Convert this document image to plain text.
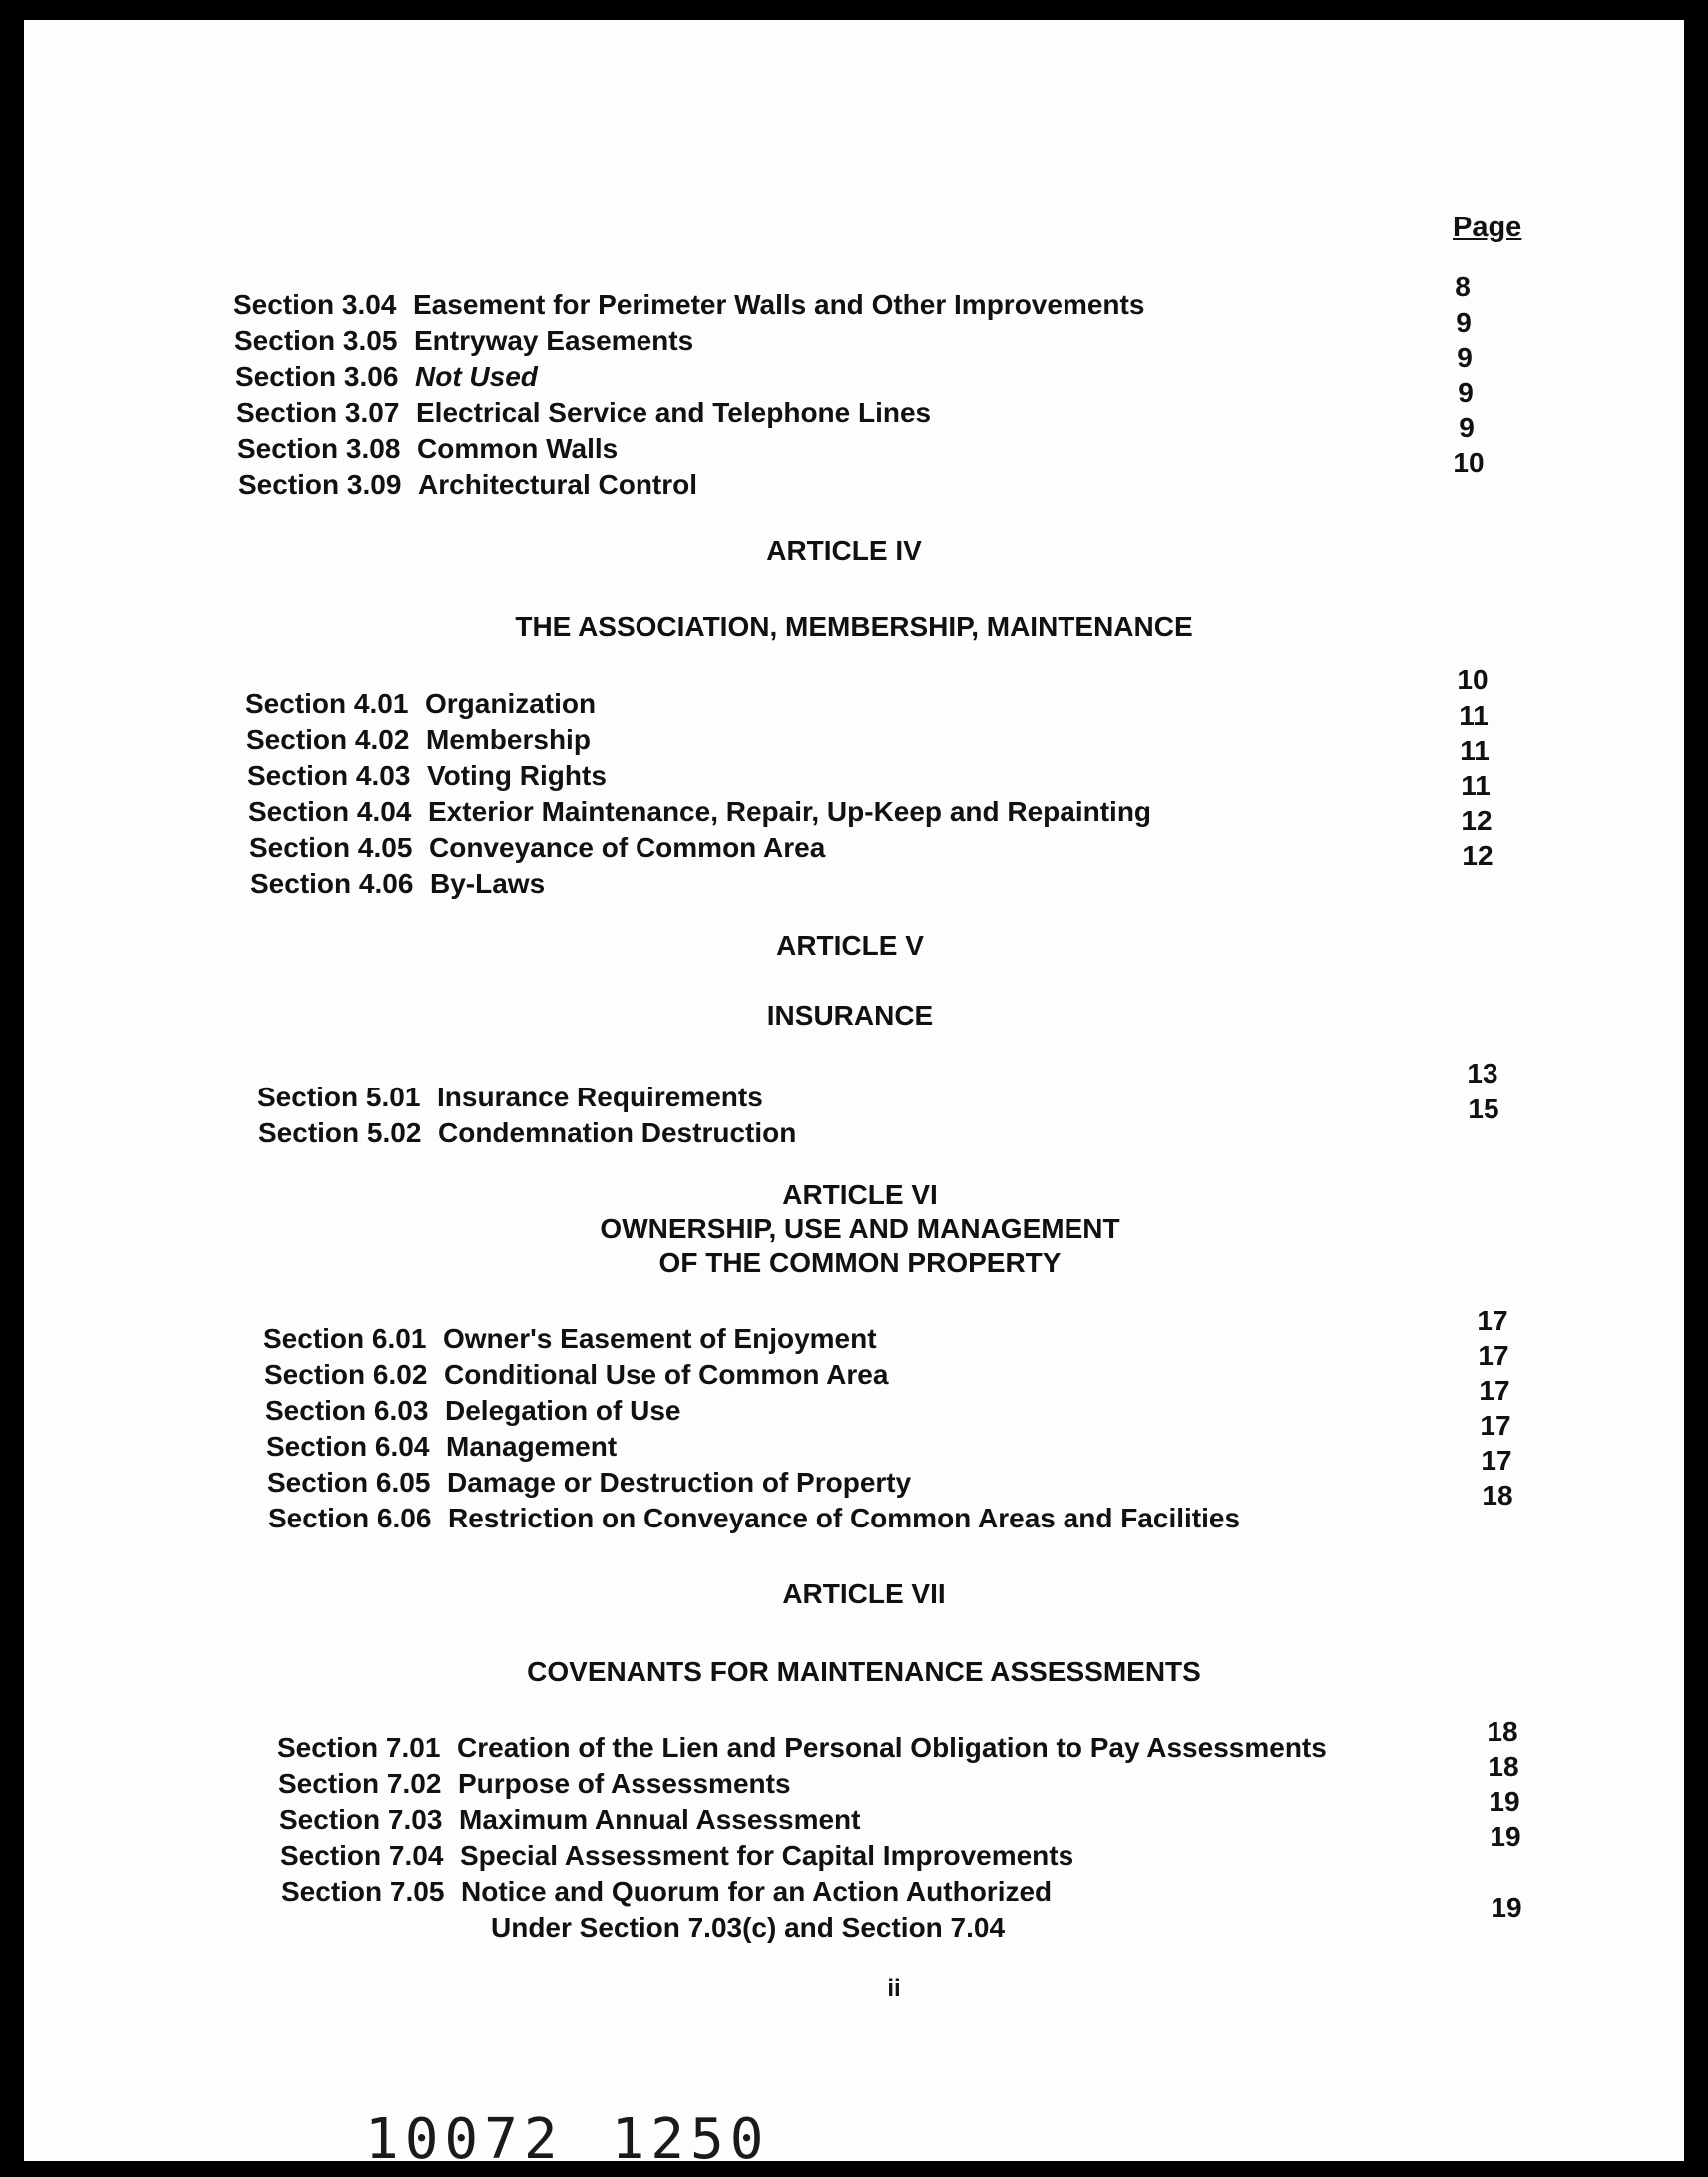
Page
Section 3.04 Easement for Perimeter Walls and Other Improvements
Section 3.05 Entryway Easements
Section 3.06 Not Used
Section 3.07 Electrical Service and Telephone Lines
Section 3.08 Common Walls
Section 3.09 Architectural Control
8
9
9
9
9
10
ARTICLE IV
THE ASSOCIATION, MEMBERSHIP, MAINTENANCE
Section 4.01 Organization
Section 4.02 Membership
Section 4.03 Voting Rights
Section 4.04 Exterior Maintenance, Repair, Up-Keep and Repainting
Section 4.05 Conveyance of Common Area
Section 4.06 By-Laws
10
11
11
11
12
12
ARTICLE V
INSURANCE
Section 5.01 Insurance Requirements
Section 5.02 Condemnation Destruction
13
15
ARTICLE VI
OWNERSHIP, USE AND MANAGEMENT
OF THE COMMON PROPERTY
Section 6.01 Owner's Easement of Enjoyment
Section 6.02 Conditional Use of Common Area
Section 6.03 Delegation of Use
Section 6.04 Management
Section 6.05 Damage or Destruction of Property
Section 6.06 Restriction on Conveyance of Common Areas and Facilities
17
17
17
17
17
18
ARTICLE VII
COVENANTS FOR MAINTENANCE ASSESSMENTS
Section 7.01 Creation of the Lien and Personal Obligation to Pay Assessments
Section 7.02 Purpose of Assessments
Section 7.03 Maximum Annual Assessment
Section 7.04 Special Assessment for Capital Improvements
Section 7.05 Notice and Quorum for an Action Authorized
Under Section 7.03(c) and Section 7.04
18
18
19
19
19
ii
10072 1250
